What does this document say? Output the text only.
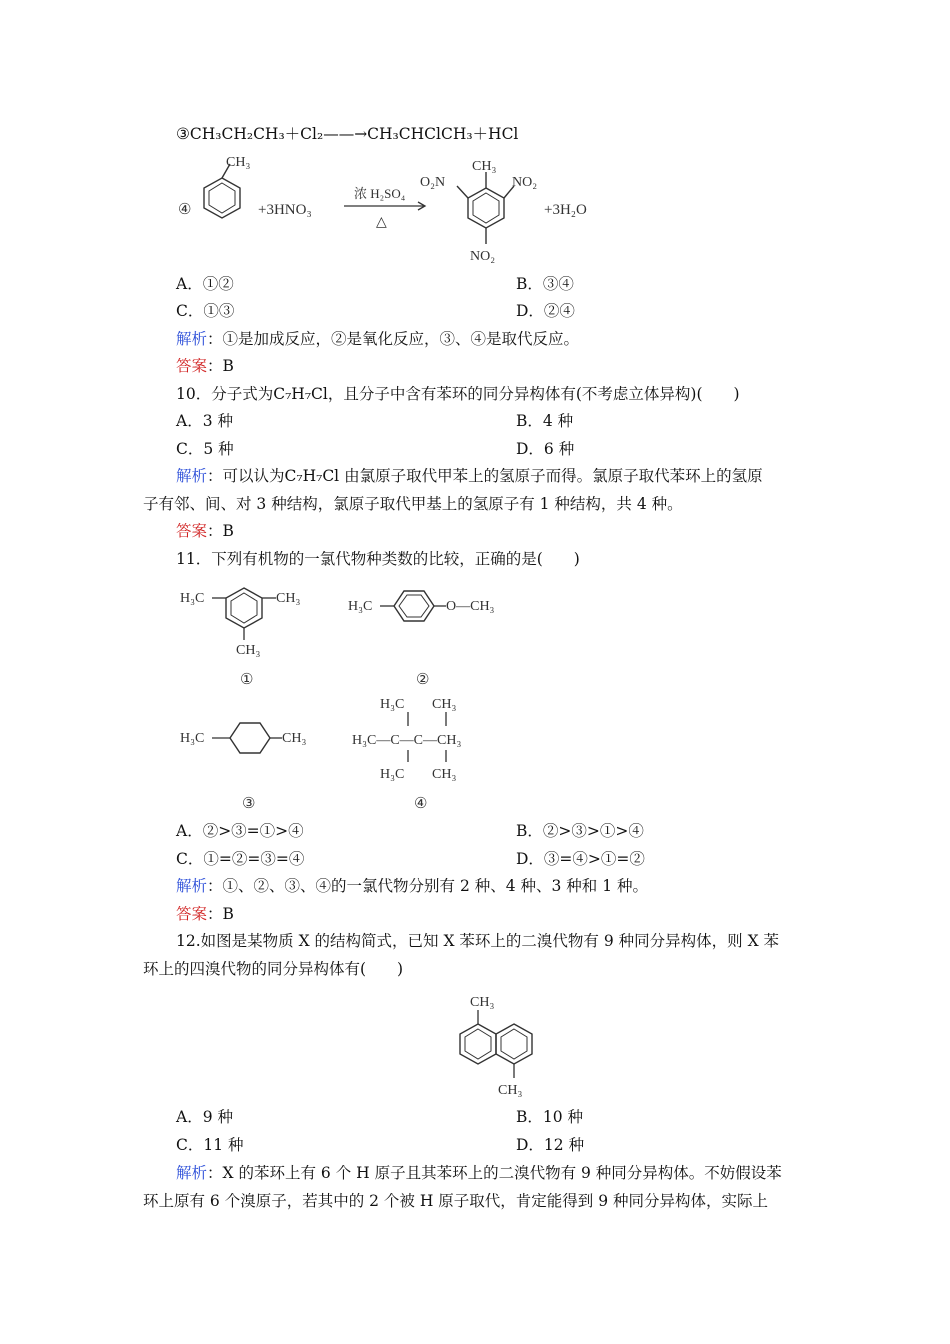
③CH₃CH₂CH₃＋Cl₂——→CH₃CHClCH₃＋HCl
④
CH₃
+3HNO₃
浓 H₂SO₄
△
CH₃
O₂N	NO₂
NO₂
+3H₂O
A．①②	B．③④
C．①③	D．②④
解析：①是加成反应，②是氧化反应，③、④是取代反应。
答案：B
10．分子式为C₇H₇Cl，且分子中含有苯环的同分异构体有(不考虑立体异构)(　　)
A．3 种	B．4 种
C．5 种	D．6 种
解析：可以认为C₇H₇Cl 由氯原子取代甲苯上的氢原子而得。氯原子取代苯环上的氢原
子有邻、间、对 3 种结构，氯原子取代甲基上的氢原子有 1 种结构，共 4 种。
答案：B
11．下列有机物的一氯代物种类数的比较，正确的是(　　)
H₃C	CH₃
CH₃
①
H₃C	O—CH₃
②
H₃C	CH₃
③
H₃C CH₃
H₃C—C—C—CH₃
H₃C CH₃
④
A．②>③=①>④	B．②>③>①>④
C．①=②=③=④	D．③=④>①=②
解析：①、②、③、④的一氯代物分别有 2 种、4 种、3 种和 1 种。
答案：B
12.如图是某物质 X 的结构简式，已知 X 苯环上的二溴代物有 9 种同分异构体，则 X 苯
环上的四溴代物的同分异构体有(　　)
CH₃
CH₃
A．9 种	B．10 种
C．11 种	D．12 种
解析：X 的苯环上有 6 个 H 原子且其苯环上的二溴代物有 9 种同分异构体。不妨假设苯
环上原有 6 个溴原子，若其中的 2 个被 H 原子取代，肯定能得到 9 种同分异构体，实际上
